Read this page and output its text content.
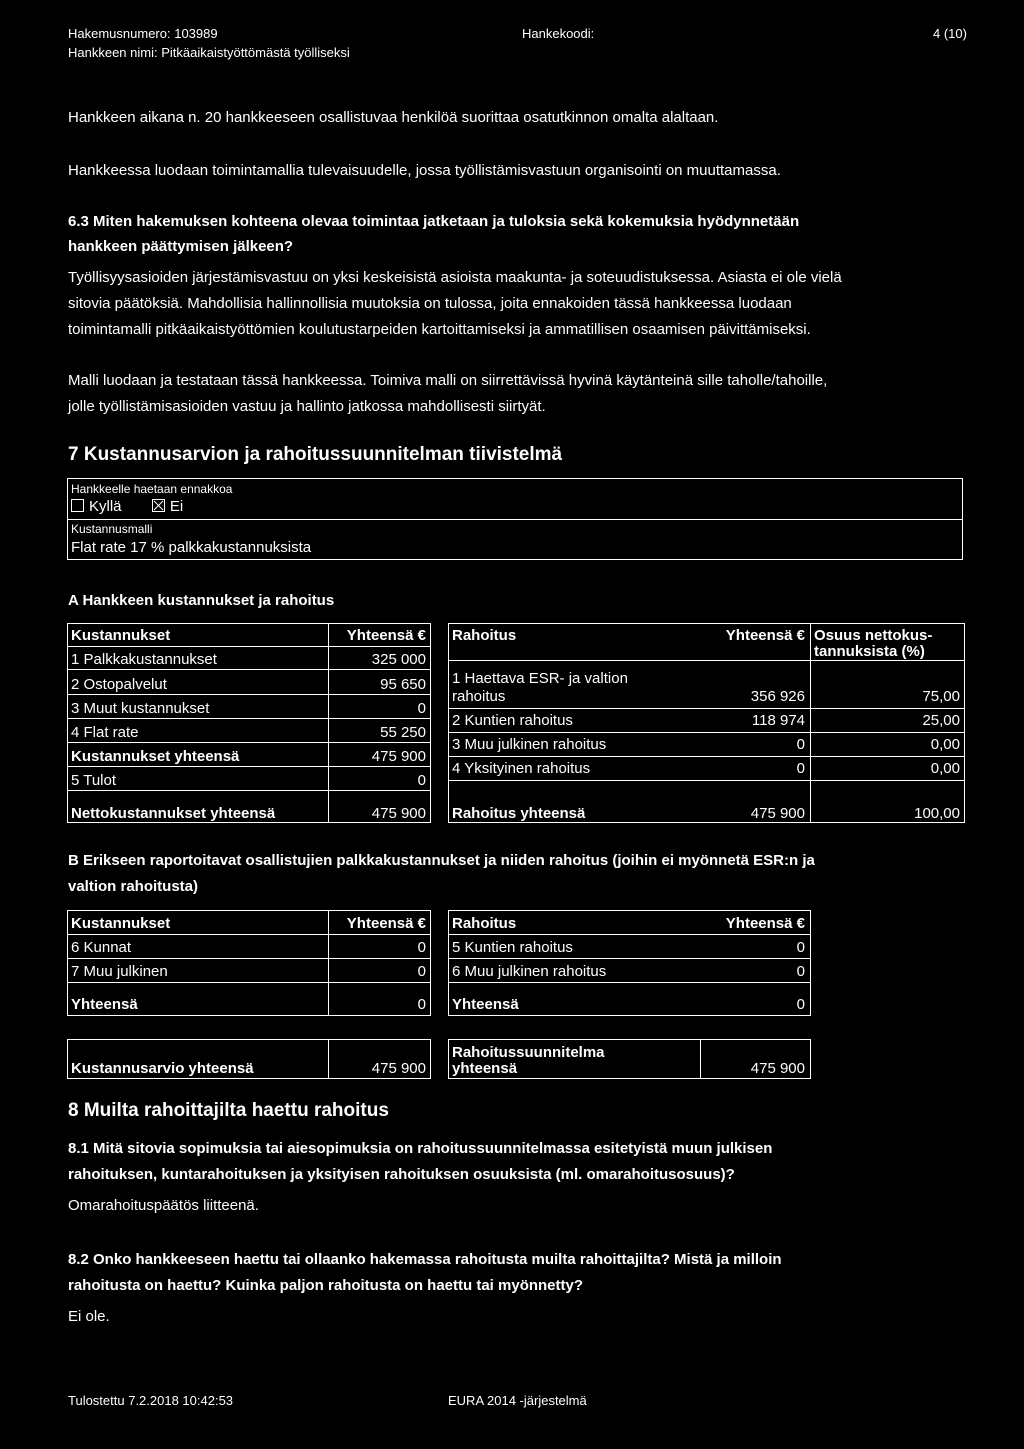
Hakemusnumero: 103989	Hankekoodi:	4 (10)
Hankkeen nimi: Pitkäaikaistyöttömästä työlliseksi
Hankkeen aikana n. 20 hankkeeseen osallistuvaa henkilöä suorittaa osatutkinnon omalta alaltaan.
Hankkeessa luodaan toimintamallia tulevaisuudelle, jossa työllistämisvastuun organisointi on muuttamassa.
6.3 Miten hakemuksen kohteena olevaa toimintaa jatketaan ja tuloksia sekä kokemuksia hyödynnetään
hankkeen päättymisen jälkeen?
Työllisyysasioiden järjestämisvastuu on yksi keskeisistä asioista maakunta- ja soteuudistuksessa. Asiasta ei ole vielä
sitovia päätöksiä. Mahdollisia hallinnollisia muutoksia on tulossa, joita ennakoiden tässä hankkeessa luodaan
toimintamalli pitkäaikaistyöttömien koulutustarpeiden kartoittamiseksi ja ammatillisen osaamisen päivittämiseksi.
Malli luodaan ja testataan tässä hankkeessa. Toimiva malli on siirrettävissä hyvinä käytänteinä sille taholle/tahoille,
jolle työllistämisasioiden vastuu ja hallinto jatkossa mahdollisesti siirtyät.
7 Kustannusarvion ja rahoitussuunnitelman tiivistelmä
Hankkeelle haetaan ennakkoa
Kyllä	Ei
Kustannusmalli
Flat rate 17 % palkkakustannuksista
A Hankkeen kustannukset ja rahoitus
Kustannukset	Yhteensä €
1 Palkkakustannukset	325 000
2 Ostopalvelut	95 650
3 Muut kustannukset	0
4 Flat rate	55 250
Kustannukset yhteensä	475 900
5 Tulot	0
Nettokustannukset yhteensä	475 900
Rahoitus	Yhteensä € Osuus nettokus-
tannuksista (%)
1 Haettava ESR- ja valtion
rahoitus	356 926	75,00
2 Kuntien rahoitus	118 974	25,00
3 Muu julkinen rahoitus	0	0,00
4 Yksityinen rahoitus	0	0,00
Rahoitus yhteensä	475 900	100,00
B Erikseen raportoitavat osallistujien palkkakustannukset ja niiden rahoitus (joihin ei myönnetä ESR:n ja
valtion rahoitusta)
Kustannukset	Yhteensä €
6 Kunnat	0
7 Muu julkinen	0
Yhteensä	0
Rahoitus	Yhteensä €
5 Kuntien rahoitus	0
6 Muu julkinen rahoitus	0
Yhteensä	0
Kustannusarvio yhteensä	475 900
Rahoitussuunnitelma
yhteensä	475 900
8 Muilta rahoittajilta haettu rahoitus
8.1 Mitä sitovia sopimuksia tai aiesopimuksia on rahoitussuunnitelmassa esitetyistä muun julkisen
rahoituksen, kuntarahoituksen ja yksityisen rahoituksen osuuksista (ml. omarahoitusosuus)?
Omarahoituspäätös liitteenä.
8.2 Onko hankkeeseen haettu tai ollaanko hakemassa rahoitusta muilta rahoittajilta? Mistä ja milloin
rahoitusta on haettu? Kuinka paljon rahoitusta on haettu tai myönnetty?
Ei ole.
Tulostettu 7.2.2018 10:42:53	EURA 2014 -järjestelmä
